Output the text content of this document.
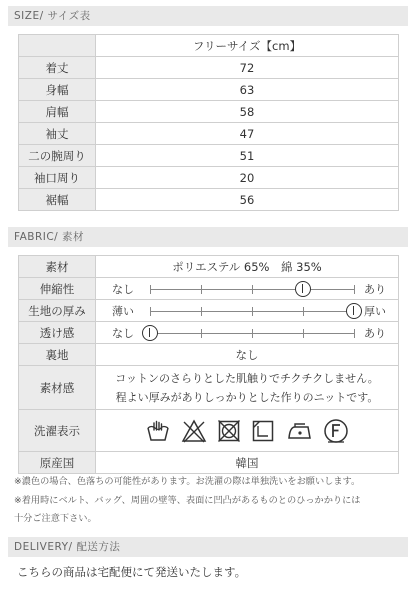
SIZE/ サイズ表
	フリーサイズ【cm】
着丈	72
身幅	63
肩幅	58
袖丈	47
二の腕周り	51
袖口周り	20
裾幅	56
FABRIC/ 素材
素材	ポリエステル 65%　綿 35%
伸縮性	なし あり

生地の厚み	薄い 厚い

透け感	なし あり

裏地	なし
素材感	コットンのさらりとした肌触りでチクチクしません。
程よい厚みがありしっかりとした作りのニットです。

洗濯表示	

原産国	韓国
※濃色の場合、色落ちの可能性があります。お洗濯の際は単独洗いをお願いします。
※着用時にベルト、バッグ、周囲の壁等、表面に凹凸があるものとのひっかかりには
十分ご注意下さい。
DELIVERY/ 配送方法
こちらの商品は宅配便にて発送いたします。
